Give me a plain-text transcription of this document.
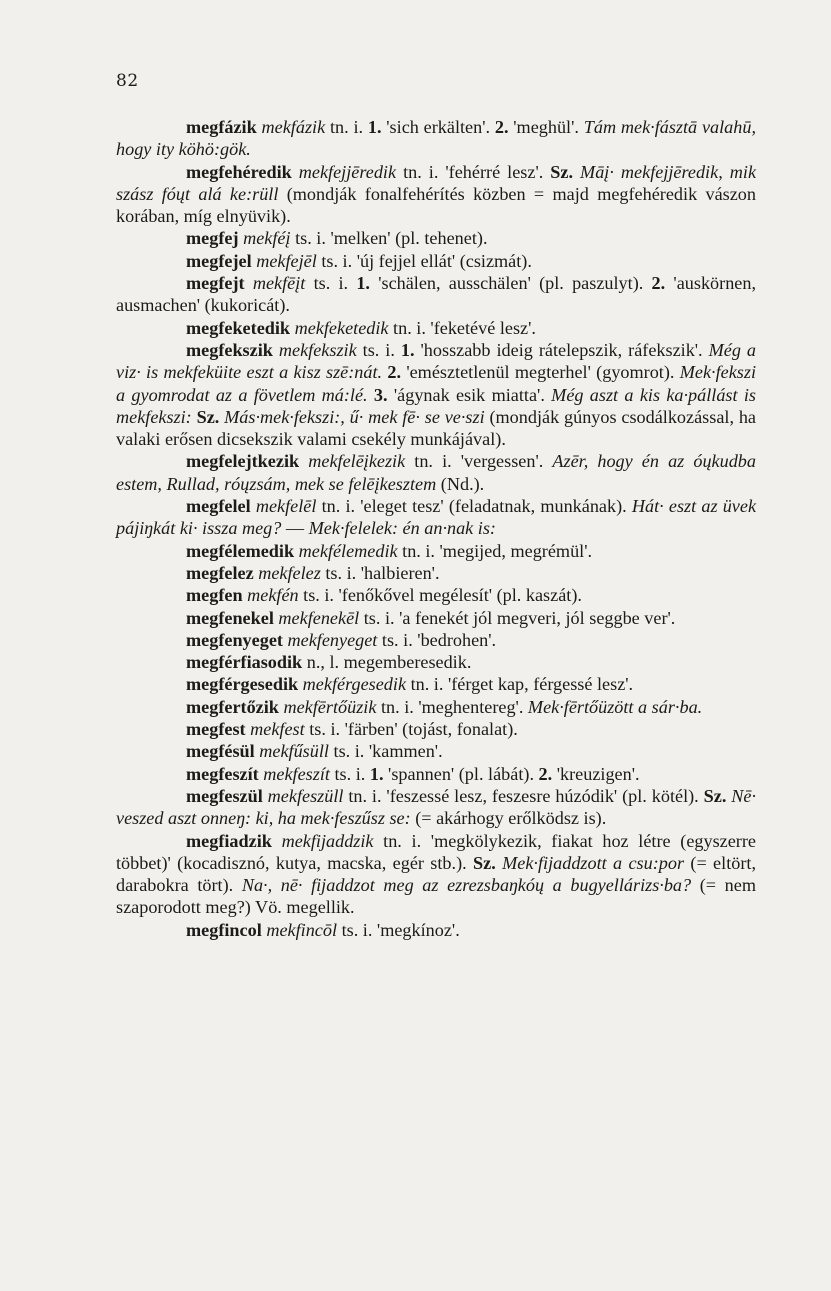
82

megfázik mekfázik tn. i. 1. 'sich erkälten'. 2. 'meghül'. Tám mek·fásztā valahū, hogy ity köhö:gök.

megfehéredik mekfejjēredik tn. i. 'fehérré lesz'. Sz. Māį· mekfejjēredik, mik szász fóųt alá ke:rüll (mondják fonalfehérítés közben = majd megfehéredik vászon korában, míg elnyüvik).

megfej mekféį ts. i. 'melken' (pl. tehenet).

megfejel mekfejēl ts. i. 'új fejjel ellát' (csizmát).

megfejt mekfēįt ts. i. 1. 'schälen, ausschälen' (pl. paszulyt). 2. 'auskörnen, ausmachen' (kukoricát).

megfeketedik mekfeketedik tn. i. 'feketévé lesz'.

megfekszik mekfekszik ts. i. 1. 'hosszabb ideig rátelepszik, ráfekszik'. Még a viz· is mekfeküite eszt a kisz szē:nát. 2. 'emésztetlenül megterhel' (gyomrot). Mek·fekszi a gyomrodat az a fövetlem má:lé. 3. 'ágynak esik miatta'. Még aszt a kis ka·pállást is mekfekszi: Sz. Más·mek·fekszi:, ű· mek fē· se ve·szi (mondják gúnyos csodálkozással, ha valaki erősen dicsekszik valami csekély munkájával).

megfelejtkezik mekfelēįkezik tn. i. 'vergessen'. Azēr, hogy én az óųkudba estem, Rullad, róųzsám, mek se felēįkesztem (Nd.).

megfelel mekfelēl tn. i. 'eleget tesz' (feladatnak, munkának). Hát· eszt az üvek pájiŋkát ki· issza meg? — Mek·felelek: én an·nak is:

megfélemedik mekfélemedik tn. i. 'megijed, megrémül'.

megfelez mekfelez ts. i. 'halbieren'.

megfen mekfén ts. i. 'fenőkővel megélesít' (pl. kaszát).

megfenekel mekfenekēl ts. i. 'a fenekét jól megveri, jól seggbe ver'.

megfenyeget mekfenyeget ts. i. 'bedrohen'.

megférfiasodik n., l. megemberesedik.

megférgesedik mekférgesedik tn. i. 'férget kap, férgessé lesz'.

megfertőzik mekfērtőüzik tn. i. 'meghentereg'. Mek·fērtőüzött a sár·ba.

megfest mekfest ts. i. 'färben' (tojást, fonalat).

megfésül mekfűsüll ts. i. 'kammen'.

megfeszít mekfeszít ts. i. 1. 'spannen' (pl. lábát). 2. 'kreuzigen'.

megfeszül mekfeszüll tn. i. 'feszessé lesz, feszesre húzódik' (pl. kötél). Sz. Nē· veszed aszt onneŋ: ki, ha mek·feszűsz se: (= akárhogy erőlködsz is).

megfiadzik mekfijaddzik tn. i. 'megkölykezik, fiakat hoz létre (egyszerre többet)' (kocadisznó, kutya, macska, egér stb.). Sz. Mek·fijaddzott a csu:por (= eltört, darabokra tört). Na·, nē· fijaddzot meg az ezrezsbaŋkóų a bugyellárizs·ba? (= nem szaporodott meg?) Vö. megellik.

megfincol mekfincōl ts. i. 'megkínoz'.
